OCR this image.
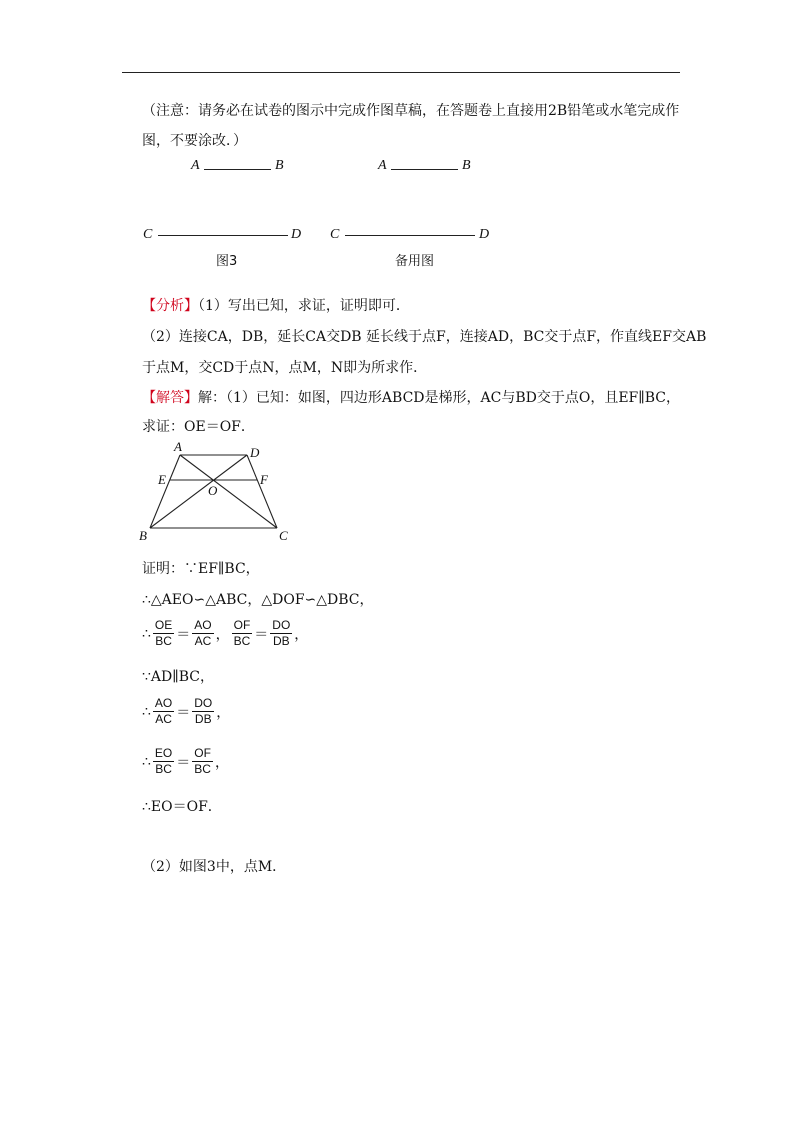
（注意：请务必在试卷的图示中完成作图草稿，在答题卷上直接用2B铅笔或水笔完成作
图，不要涂改．）
A	B
C	D
图3
A	B
C	D
备用图
【分析】（1）写出已知，求证，证明即可．
（2）连接CA，DB，延长CA交DB 延长线于点F，连接AD，BC交于点F，作直线EF交AB
于点M，交CD于点N，点M，N即为所求作．
【解答】解：（1）已知：如图，四边形ABCD是梯形，AC与BD交于点O，且EF∥BC，
求证：OE＝OF．
A	D
E
O
F
B	C
证明：∵EF∥BC，
∴△AEO∽△ABC，△DOF∽△DBC，
∴ $\frac{OE}{BC} = \frac{AO}{AC}$ ， $\frac{OF}{BC} = \frac{DO}{DB}$ ，
∵AD∥BC，
∴ $\frac{AO}{AC} = \frac{DO}{DB}$ ，
∴ $\frac{EO}{BC} = \frac{OF}{BC}$ ，
∴EO＝OF．
（2）如图3中，点M．
